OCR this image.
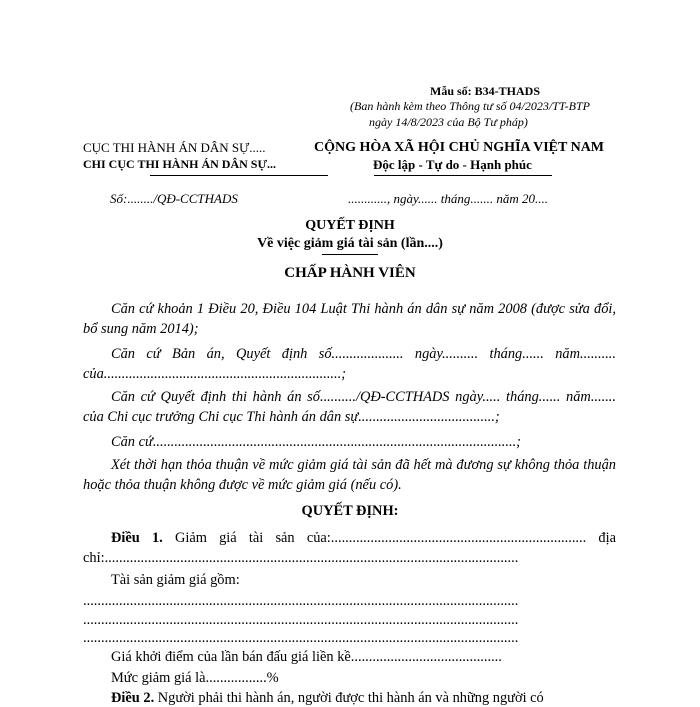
Mẫu số: B34-THADS
(Ban hành kèm theo Thông tư số 04/2023/TT-BTP
ngày 14/8/2023 của Bộ Tư pháp)
CỤC THI HÀNH ÁN DÂN SỰ.....
CHI CỤC THI HÀNH ÁN DÂN SỰ...
CỘNG HÒA XÃ HỘI CHỦ NGHĨA VIỆT NAM
Độc lập - Tự do - Hạnh phúc
Số:......../QĐ-CCTHADS	............, ngày...... tháng....... năm 20....
QUYẾT ĐỊNH
Về việc giảm giá tài sản (lần....)
CHẤP HÀNH VIÊN
Căn cứ khoản 1 Điều 20, Điều 104 Luật Thi hành án dân sự năm 2008 (được sửa đổi, bổ sung năm 2014);
Căn cứ Bản án, Quyết định số.................... ngày.......... tháng...... năm.......... của..................................................................;
Căn cứ Quyết định thi hành án số........../QĐ-CCTHADS ngày..... tháng...... năm....... của Chi cục trưởng Chi cục Thi hành án dân sự......................................;
Căn cứ.....................................................................................................;
Xét thời hạn thỏa thuận về mức giảm giá tài sản đã hết mà đương sự không thỏa thuận hoặc thỏa thuận không được về mức giảm giá (nếu có).
QUYẾT ĐỊNH:
Điều 1. Giảm giá tài sản của:....................................................................... địa chỉ:...................................................................................................................
Tài sản giảm giá gồm:
.........................................................................................................................
.........................................................................................................................
.........................................................................................................................
Giá khởi điểm của lần bán đấu giá liền kề..........................................
Mức giảm giá là.................%
Điều 2. Người phải thi hành án, người được thi hành án và những người có
